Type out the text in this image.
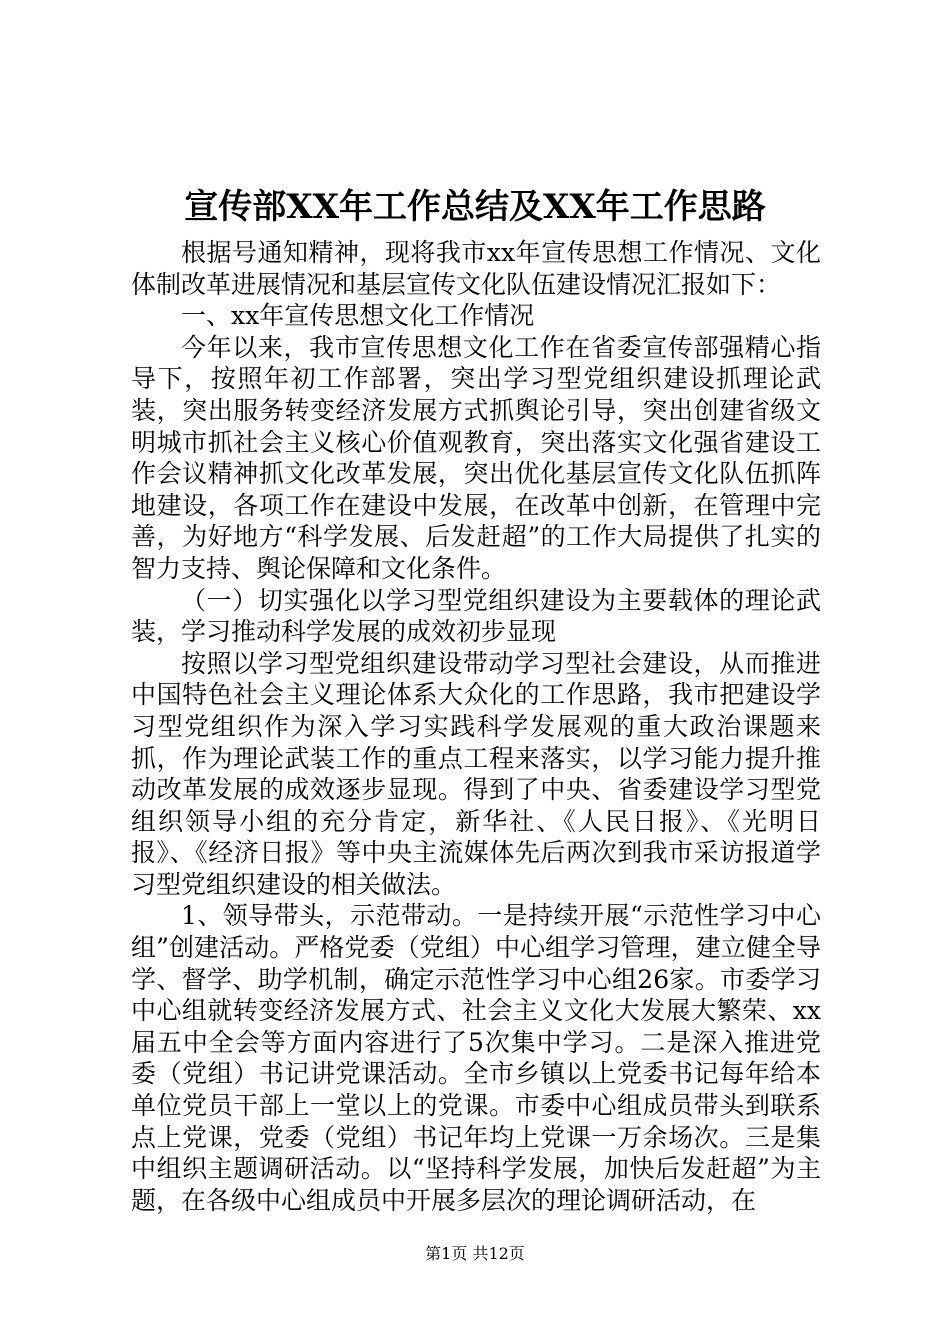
宣传部XX年工作总结及XX年工作思路

根据号通知精神，现将我市xx年宣传思想工作情况、文化体制改革进展情况和基层宣传文化队伍建设情况汇报如下：

一、xx年宣传思想文化工作情况

今年以来，我市宣传思想文化工作在省委宣传部强精心指导下，按照年初工作部署，突出学习型党组织建设抓理论武装，突出服务转变经济发展方式抓舆论引导，突出创建省级文明城市抓社会主义核心价值观教育，突出落实文化强省建设工作会议精神抓文化改革发展，突出优化基层宣传文化队伍抓阵地建设，各项工作在建设中发展，在改革中创新，在管理中完善，为好地方“科学发展、后发赶超”的工作大局提供了扎实的智力支持、舆论保障和文化条件。

（一）切实强化以学习型党组织建设为主要载体的理论武装，学习推动科学发展的成效初步显现

按照以学习型党组织建设带动学习型社会建设，从而推进中国特色社会主义理论体系大众化的工作思路，我市把建设学习型党组织作为深入学习实践科学发展观的重大政治课题来抓，作为理论武装工作的重点工程来落实，以学习能力提升推动改革发展的成效逐步显现。得到了中央、省委建设学习型党组织领导小组的充分肯定，新华社、《人民日报》、《光明日报》、《经济日报》等中央主流媒体先后两次到我市采访报道学习型党组织建设的相关做法。

1、领导带头，示范带动。一是持续开展“示范性学习中心组”创建活动。严格党委（党组）中心组学习管理，建立健全导学、督学、助学机制，确定示范性学习中心组26家。市委学习中心组就转变经济发展方式、社会主义文化大发展大繁荣、xx届五中全会等方面内容进行了5次集中学习。二是深入推进党委（党组）书记讲党课活动。全市乡镇以上党委书记每年给本单位党员干部上一堂以上的党课。市委中心组成员带头到联系点上党课，党委（党组）书记年均上党课一万余场次。三是集中组织主题调研活动。以“坚持科学发展，加快后发赶超”为主题，在各级中心组成员中开展多层次的理论调研活动，在

第1页 共12页
